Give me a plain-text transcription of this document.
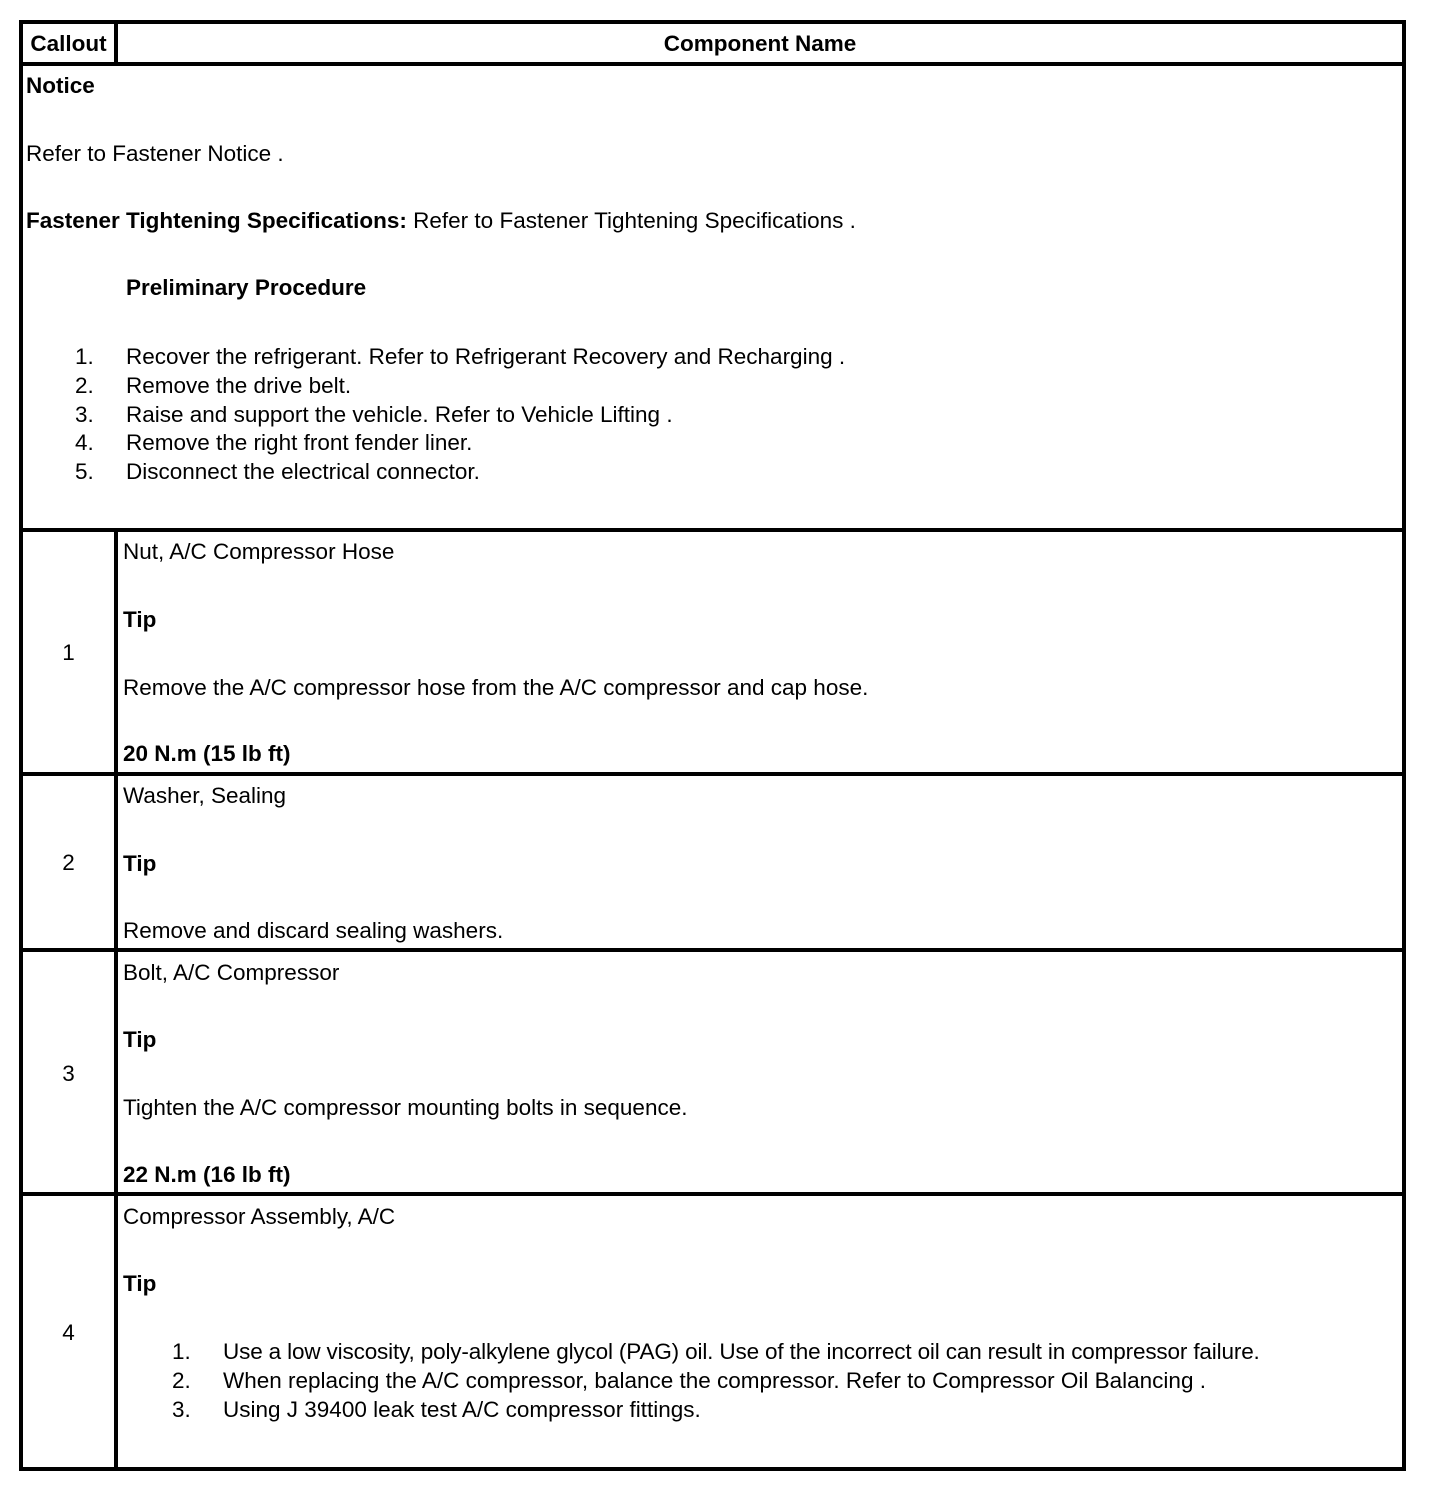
Callout	Component Name
Notice
Refer to Fastener Notice .
Fastener Tightening Specifications: Refer to Fastener Tightening Specifications .
Preliminary Procedure
1. Recover the refrigerant. Refer to Refrigerant Recovery and Recharging .
2. Remove the drive belt.
3. Raise and support the vehicle. Refer to Vehicle Lifting .
4. Remove the right front fender liner.
5. Disconnect the electrical connector.
1
Nut, A/C Compressor Hose
Tip
Remove the A/C compressor hose from the A/C compressor and cap hose.
20 N.m (15 lb ft)
2
Washer, Sealing
Tip
Remove and discard sealing washers.
3
Bolt, A/C Compressor
Tip
Tighten the A/C compressor mounting bolts in sequence.
22 N.m (16 lb ft)
4
Compressor Assembly, A/C
Tip
1. Use a low viscosity, poly-alkylene glycol (PAG) oil. Use of the incorrect oil can result in compressor failure.
2. When replacing the A/C compressor, balance the compressor. Refer to Compressor Oil Balancing .
3. Using J 39400 leak test A/C compressor fittings.
